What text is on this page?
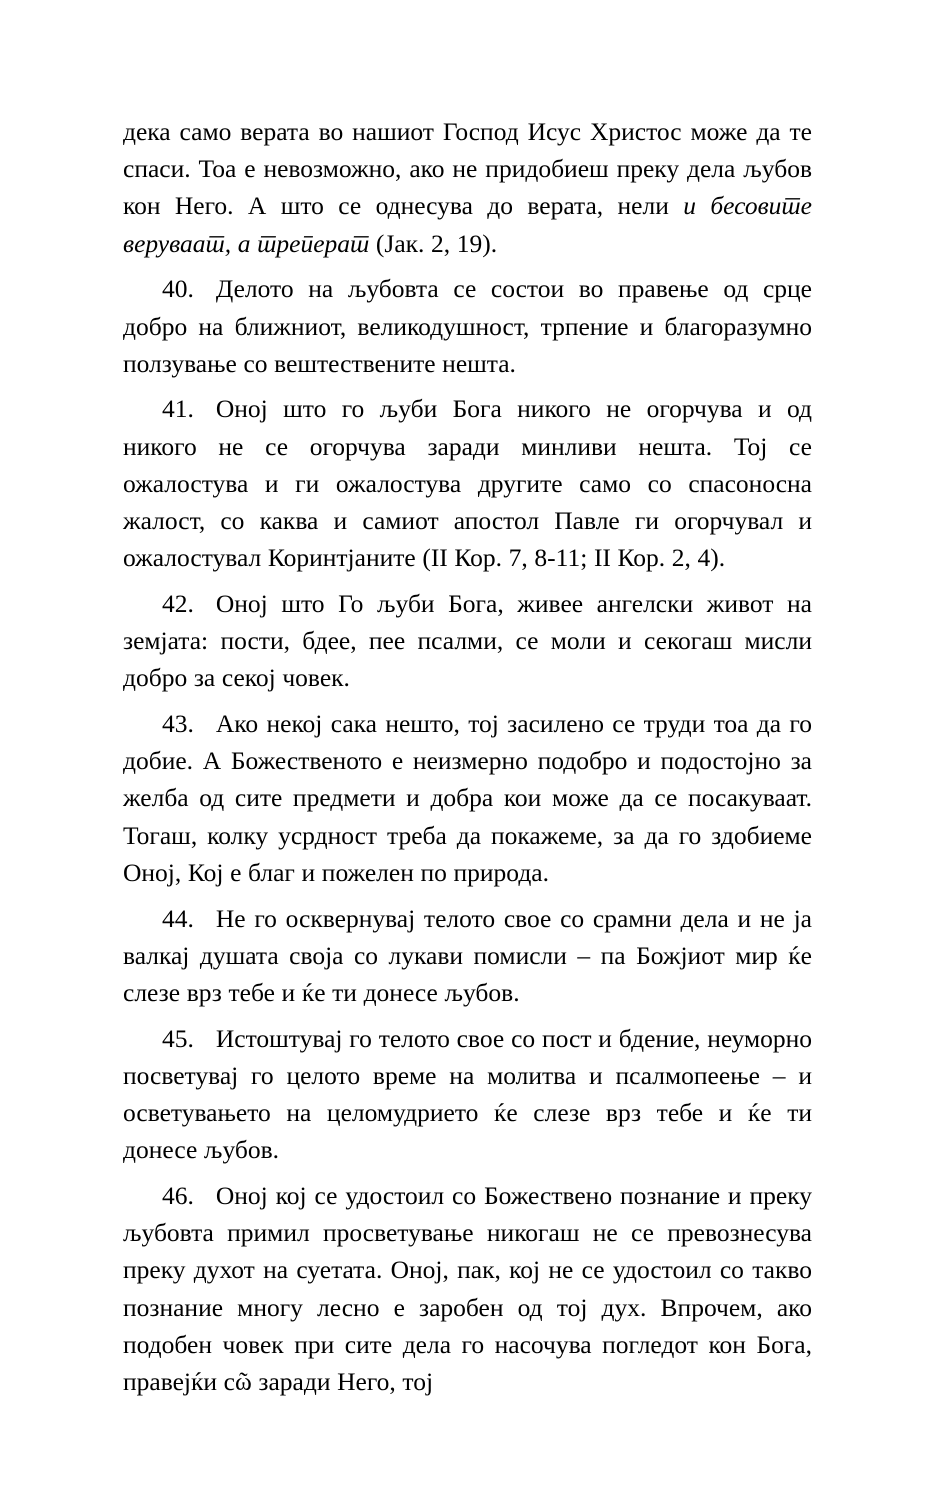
дека само верата во нашиот Господ Исус Христос може да те спаси. Тоа е невозможно, ако не придобиеш преку дела љубов кон Него. А што се однесува до верата, нели и бесовите веруваат, а треперат (Јак. 2, 19).

40. Делото на љубовта се состои во правење од срце добро на ближниот, великодушност, трпение и благоразумно ползување со вештествените нешта.

41. Оној што го љуби Бога никого не огорчува и од никого не се огорчува заради минливи нешта. Тој се ожалостува и ги ожалостува другите само со спасоносна жалост, со каква и самиот апостол Павле ги огорчувал и ожалостувал Коринтјаните (II Кор. 7, 8-11; II Кор. 2, 4).

42. Оној што Го љуби Бога, живее ангелски живот на земјата: пости, бдее, пее псалми, се моли и секогаш мисли добро за секој човек.

43. Ако некој сака нешто, тој засилено се труди тоа да го добие. А Божественото е неизмерно подобро и подостојно за желба од сите предмети и добра кои може да се посакуваат. Тогаш, колку усрдност треба да покажеме, за да го здобиеме Оној, Кој е благ и пожелен по природа.

44. Не го осквернувај телото свое со срамни дела и не ја валкај душата своја со лукави помисли – па Божјиот мир ќе слезе врз тебе и ќе ти донесе љубов.

45. Истоштувај го телото свое со пост и бдение, неуморно посветувај го целото време на молитва и псалмопеење – и осветувањето на целомудрието ќе слезе врз тебе и ќе ти донесе љубов.

46. Оној кој се удостоил со Божествено познание и преку љубовта примил просветување никогаш не се превознесува преку духот на суетата. Оној, пак, кој не се удостоил со такво познание многу лесно е заробен од тој дух. Впрочем, ако подобен човек при сите дела го насочува погледот кон Бога, правејќи сῶ заради Него, тој
